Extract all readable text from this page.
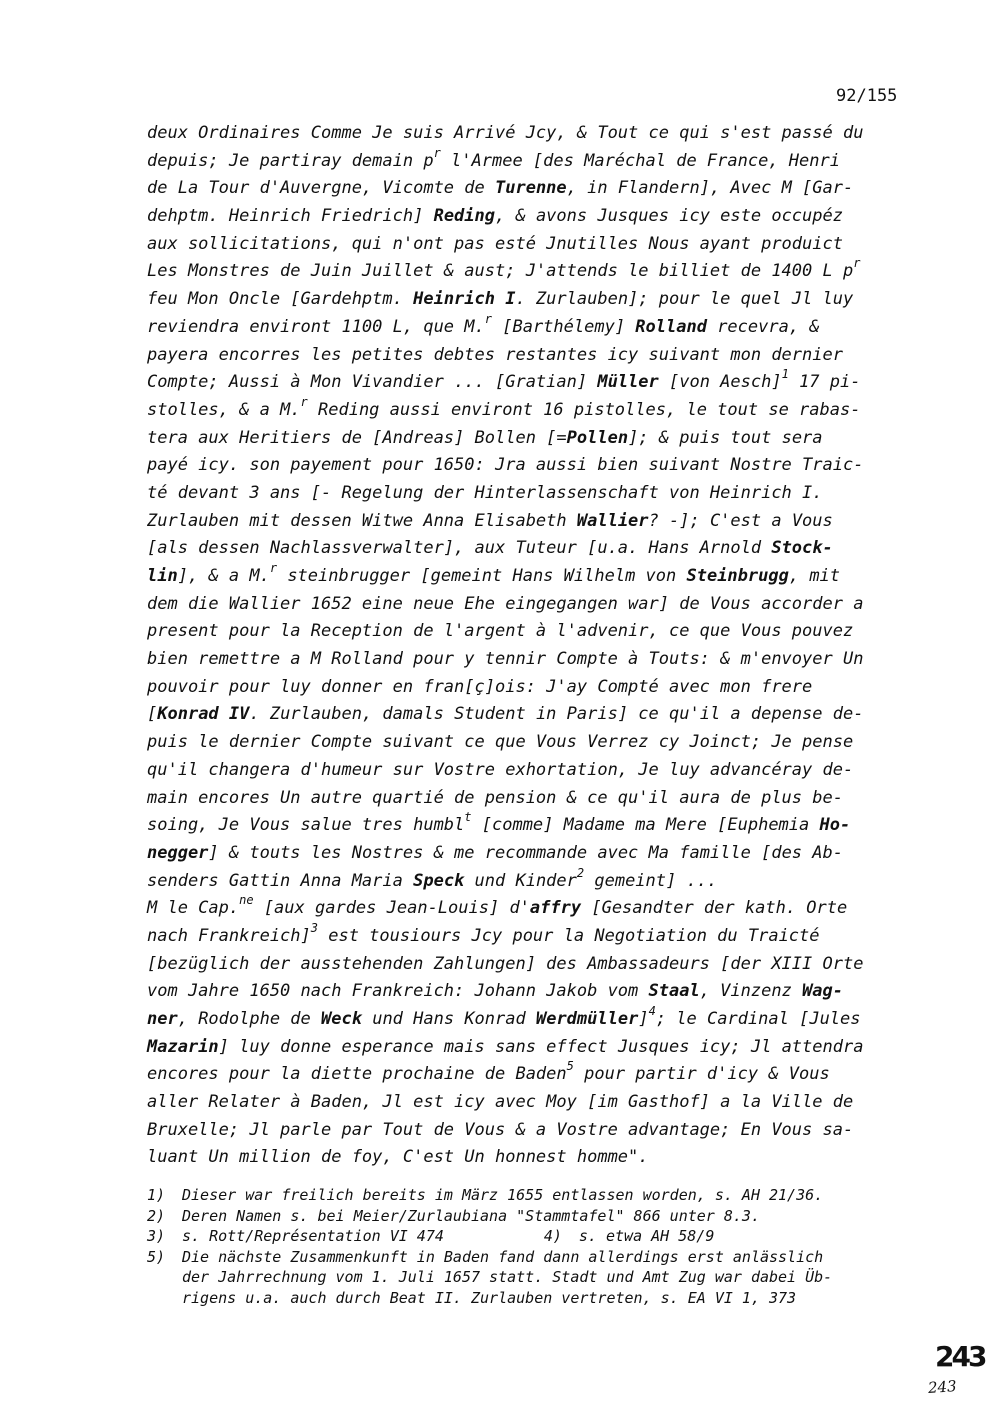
92/155
deux Ordinaires Comme Je suis Arrivé Jcy, & Tout ce qui s'est passé du
depuis; Je partiray demain $p^r$ l'Armee [des Maréchal de France, Henri
de La Tour d'Auvergne, Vicomte de Turenne, in Flandern], Avec M [Gar-
dehptm. Heinrich Friedrich] Reding, & avons Jusques icy este occupéz
aux sollicitations, qui n'ont pas esté Jnutilles Nous ayant produict
Les Monstres de Juin Juillet & aust; J'attends le billiet de 1400 L $p^r$
feu Mon Oncle [Gardehptm. Heinrich I. Zurlauben]; pour le quel Jl luy
reviendra environt 1100 L, que M.$^r$ [Barthélemy] Rolland recevra, &
payera encorres les petites debtes restantes icy suivant mon dernier
Compte; Aussi à Mon Vivandier ... [Gratian] Müller [von Aesch]$^1$ 17 pi-
stolles, & a M.$^r$ Reding aussi environt 16 pistolles, le tout se rabas-
tera aux Heritiers de [Andreas] Bollen [=Pollen]; & puis tout sera
payé icy. son payement pour 1650: Jra aussi bien suivant Nostre Traic-
té devant 3 ans [- Regelung der Hinterlassenschaft von Heinrich I.
Zurlauben mit dessen Witwe Anna Elisabeth Wallier? -]; C'est a Vous
[als dessen Nachlassverwalter], aux Tuteur [u.a. Hans Arnold Stock-
lin], & a M.$^r$ steinbrugger [gemeint Hans Wilhelm von Steinbrugg, mit
dem die Wallier 1652 eine neue Ehe eingegangen war] de Vous accorder a
present pour la Reception de l'argent à l'advenir, ce que Vous pouvez
bien remettre a M Rolland pour y tennir Compte à Touts: & m'envoyer Un
pouvoir pour luy donner en fran[ç]ois: J'ay Compté avec mon frere
[Konrad IV. Zurlauben, damals Student in Paris] ce qu'il a depense de-
puis le dernier Compte suivant ce que Vous Verrez cy Joinct; Je pense
qu'il changera d'humeur sur Vostre exhortation, Je luy advancéray de-
main encores Un autre quartié de pension & ce qu'il aura de plus be-
soing, Je Vous salue tres humbl$^t$ [comme] Madame ma Mere [Euphemia Ho-
negger] & touts les Nostres & me recommande avec Ma famille [des Ab-
senders Gattin Anna Maria Speck und Kinder$^2$ gemeint] ...
M le Cap.$^{ne}$ [aux gardes Jean-Louis] d'affry [Gesandter der kath. Orte
nach Frankreich]$^3$ est tousiours Jcy pour la Negotiation du Traicté
[bezüglich der ausstehenden Zahlungen] des Ambassadeurs [der XIII Orte
vom Jahre 1650 nach Frankreich: Johann Jakob vom Staal, Vinzenz Wag-
ner, Rodolphe de Weck und Hans Konrad Werdmüller]$^4$; le Cardinal [Jules
Mazarin] luy donne esperance mais sans effect Jusques icy; Jl attendra
encores pour la diette prochaine de Baden$^5$ pour partir d'icy & Vous
aller Relater à Baden, Jl est icy avec Moy [im Gasthof] a la Ville de
Bruxelle; Jl parle par Tout de Vous & a Vostre advantage; En Vous sa-
luant Un million de foy, C'est Un honnest homme".
1) Dieser war freilich bereits im März 1655 entlassen worden, s. AH 21/36.
2) Deren Namen s. bei Meier/Zurlaubiana "Stammtafel" 866 unter 8.3.
3) s. Rott/Représentation VI 474	4) s. etwa AH 58/9
5) Die nächste Zusammenkunft in Baden fand dann allerdings erst anlässlich
der Jahrrechnung vom 1. Juli 1657 statt. Stadt und Amt Zug war dabei Üb-
rigens u.a. auch durch Beat II. Zurlauben vertreten, s. EA VI 1, 373
243
243
